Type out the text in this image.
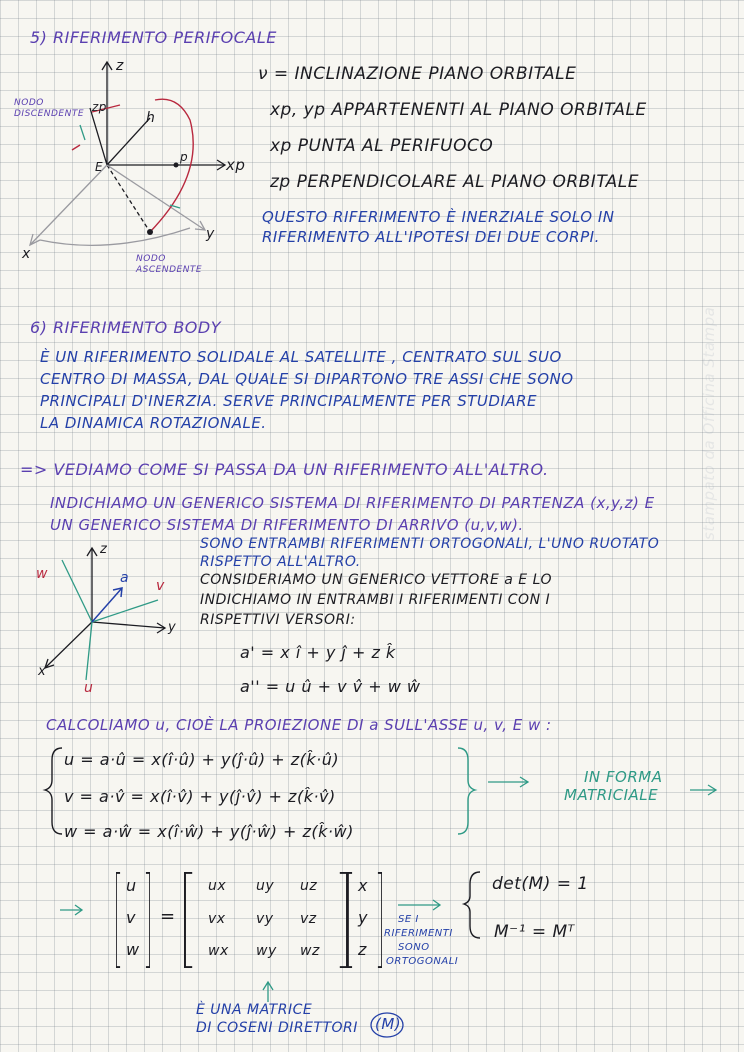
5) RIFERIMENTO PERIFOCALE
ν = INCLINAZIONE PIANO ORBITALE
xp, yp APPARTENENTI AL PIANO ORBITALE
xp PUNTA AL PERIFUOCO
zp PERPENDICOLARE AL PIANO ORBITALE
QUESTO RIFERIMENTO È INERZIALE SOLO IN
RIFERIMENTO ALL'IPOTESI DEI DUE CORPI.
z
zp
h
xp
p
E
x
y
NODO DISCENDENTE
NODO ASCENDENTE
6) RIFERIMENTO BODY
È UN RIFERIMENTO SOLIDALE AL SATELLITE , CENTRATO SUL SUO
CENTRO DI MASSA, DAL QUALE SI DIPARTONO TRE ASSI CHE SONO
PRINCIPALI D'INERZIA. SERVE PRINCIPALMENTE PER STUDIARE
LA DINAMICA ROTAZIONALE.
=> VEDIAMO COME SI PASSA DA UN RIFERIMENTO ALL'ALTRO.
INDICHIAMO UN GENERICO SISTEMA DI RIFERIMENTO DI PARTENZA (x,y,z) E
UN GENERICO SISTEMA DI RIFERIMENTO DI ARRIVO (u,v,w).
SONO ENTRAMBI RIFERIMENTI ORTOGONALI, L'UNO RUOTATO
RISPETTO ALL'ALTRO.
CONSIDERIAMO UN GENERICO VETTORE a E LO
INDICHIAMO IN ENTRAMBI I RIFERIMENTI CON I
RISPETTIVI VERSORI:
a' = x î + y ĵ + z k̂
a'' = u û + v v̂ + w ŵ
z
w	a v
y
x
u
CALCOLIAMO u, CIOÈ LA PROIEZIONE DI a SULL'ASSE u, v, E w :
u = a·û = x(î·û) + y(ĵ·û) + z(k̂·û)
v = a·v̂ = x(î·v̂) + y(ĵ·v̂) + z(k̂·v̂)
w = a·ŵ = x(î·ŵ) + y(ĵ·ŵ) + z(k̂·ŵ)
IN FORMA
MATRICIALE
u
v
w
=
ux uy uz
vx vy vz
wx wy wz
x
y
z
SE I
RIFERIMENTI
SONO
ORTOGONALI
det(M) = 1
M⁻¹ = Mᵀ
È UNA MATRICE
DI COSENI DIRETTORI (M)
stampato da Officina Stampa
